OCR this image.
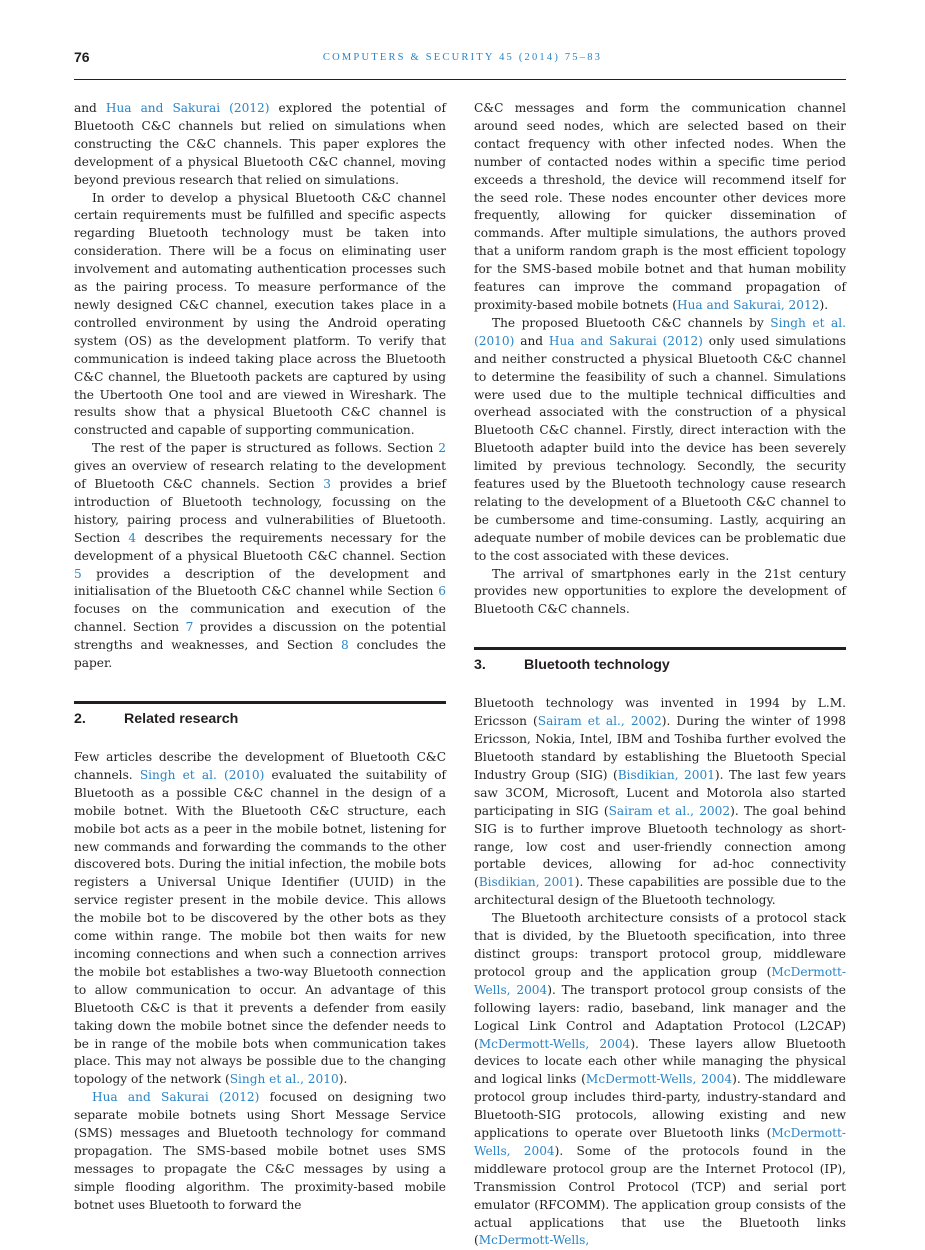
76	COMPUTERS & SECURITY 45 (2014) 75–83

and Hua and Sakurai (2012) explored the potential of Bluetooth C&C channels but relied on simulations when constructing the C&C channels. This paper explores the development of a physical Bluetooth C&C channel, moving beyond previous research that relied on simulations.

In order to develop a physical Bluetooth C&C channel certain requirements must be fulfilled and specific aspects regarding Bluetooth technology must be taken into consideration. There will be a focus on eliminating user involvement and automating authentication processes such as the pairing process. To measure performance of the newly designed C&C channel, execution takes place in a controlled environment by using the Android operating system (OS) as the development platform. To verify that communication is indeed taking place across the Bluetooth C&C channel, the Bluetooth packets are captured by using the Ubertooth One tool and are viewed in Wireshark. The results show that a physical Bluetooth C&C channel is constructed and capable of supporting communication.

The rest of the paper is structured as follows. Section 2 gives an overview of research relating to the development of Bluetooth C&C channels. Section 3 provides a brief introduction of Bluetooth technology, focussing on the history, pairing process and vulnerabilities of Bluetooth. Section 4 describes the requirements necessary for the development of a physical Bluetooth C&C channel. Section 5 provides a description of the development and initialisation of the Bluetooth C&C channel while Section 6 focuses on the communication and execution of the channel. Section 7 provides a discussion on the potential strengths and weaknesses, and Section 8 concludes the paper.

2.	Related research

Few articles describe the development of Bluetooth C&C channels. Singh et al. (2010) evaluated the suitability of Bluetooth as a possible C&C channel in the design of a mobile botnet. With the Bluetooth C&C structure, each mobile bot acts as a peer in the mobile botnet, listening for new commands and forwarding the commands to the other discovered bots. During the initial infection, the mobile bots registers a Universal Unique Identifier (UUID) in the service register present in the mobile device. This allows the mobile bot to be discovered by the other bots as they come within range. The mobile bot then waits for new incoming connections and when such a connection arrives the mobile bot establishes a two-way Bluetooth connection to allow communication to occur. An advantage of this Bluetooth C&C is that it prevents a defender from easily taking down the mobile botnet since the defender needs to be in range of the mobile bots when communication takes place. This may not always be possible due to the changing topology of the network (Singh et al., 2010).

Hua and Sakurai (2012) focused on designing two separate mobile botnets using Short Message Service (SMS) messages and Bluetooth technology for command propagation. The SMS-based mobile botnet uses SMS messages to propagate the C&C messages by using a simple flooding algorithm. The proximity-based mobile botnet uses Bluetooth to forward the

C&C messages and form the communication channel around seed nodes, which are selected based on their contact frequency with other infected nodes. When the number of contacted nodes within a specific time period exceeds a threshold, the device will recommend itself for the seed role. These nodes encounter other devices more frequently, allowing for quicker dissemination of commands. After multiple simulations, the authors proved that a uniform random graph is the most efficient topology for the SMS-based mobile botnet and that human mobility features can improve the command propagation of proximity-based mobile botnets (Hua and Sakurai, 2012).

The proposed Bluetooth C&C channels by Singh et al. (2010) and Hua and Sakurai (2012) only used simulations and neither constructed a physical Bluetooth C&C channel to determine the feasibility of such a channel. Simulations were used due to the multiple technical difficulties and overhead associated with the construction of a physical Bluetooth C&C channel. Firstly, direct interaction with the Bluetooth adapter build into the device has been severely limited by previous technology. Secondly, the security features used by the Bluetooth technology cause research relating to the development of a Bluetooth C&C channel to be cumbersome and time-consuming. Lastly, acquiring an adequate number of mobile devices can be problematic due to the cost associated with these devices.

The arrival of smartphones early in the 21st century provides new opportunities to explore the development of Bluetooth C&C channels.

3.	Bluetooth technology

Bluetooth technology was invented in 1994 by L.M. Ericsson (Sairam et al., 2002). During the winter of 1998 Ericsson, Nokia, Intel, IBM and Toshiba further evolved the Bluetooth standard by establishing the Bluetooth Special Industry Group (SIG) (Bisdikian, 2001). The last few years saw 3COM, Microsoft, Lucent and Motorola also started participating in SIG (Sairam et al., 2002). The goal behind SIG is to further improve Bluetooth technology as short-range, low cost and user-friendly connection among portable devices, allowing for ad-hoc connectivity (Bisdikian, 2001). These capabilities are possible due to the architectural design of the Bluetooth technology.

The Bluetooth architecture consists of a protocol stack that is divided, by the Bluetooth specification, into three distinct groups: transport protocol group, middleware protocol group and the application group (McDermott-Wells, 2004). The transport protocol group consists of the following layers: radio, baseband, link manager and the Logical Link Control and Adaptation Protocol (L2CAP) (McDermott-Wells, 2004). These layers allow Bluetooth devices to locate each other while managing the physical and logical links (McDermott-Wells, 2004). The middleware protocol group includes third-party, industry-standard and Bluetooth-SIG protocols, allowing existing and new applications to operate over Bluetooth links (McDermott-Wells, 2004). Some of the protocols found in the middleware protocol group are the Internet Protocol (IP), Transmission Control Protocol (TCP) and serial port emulator (RFCOMM). The application group consists of the actual applications that use the Bluetooth links (McDermott-Wells,
